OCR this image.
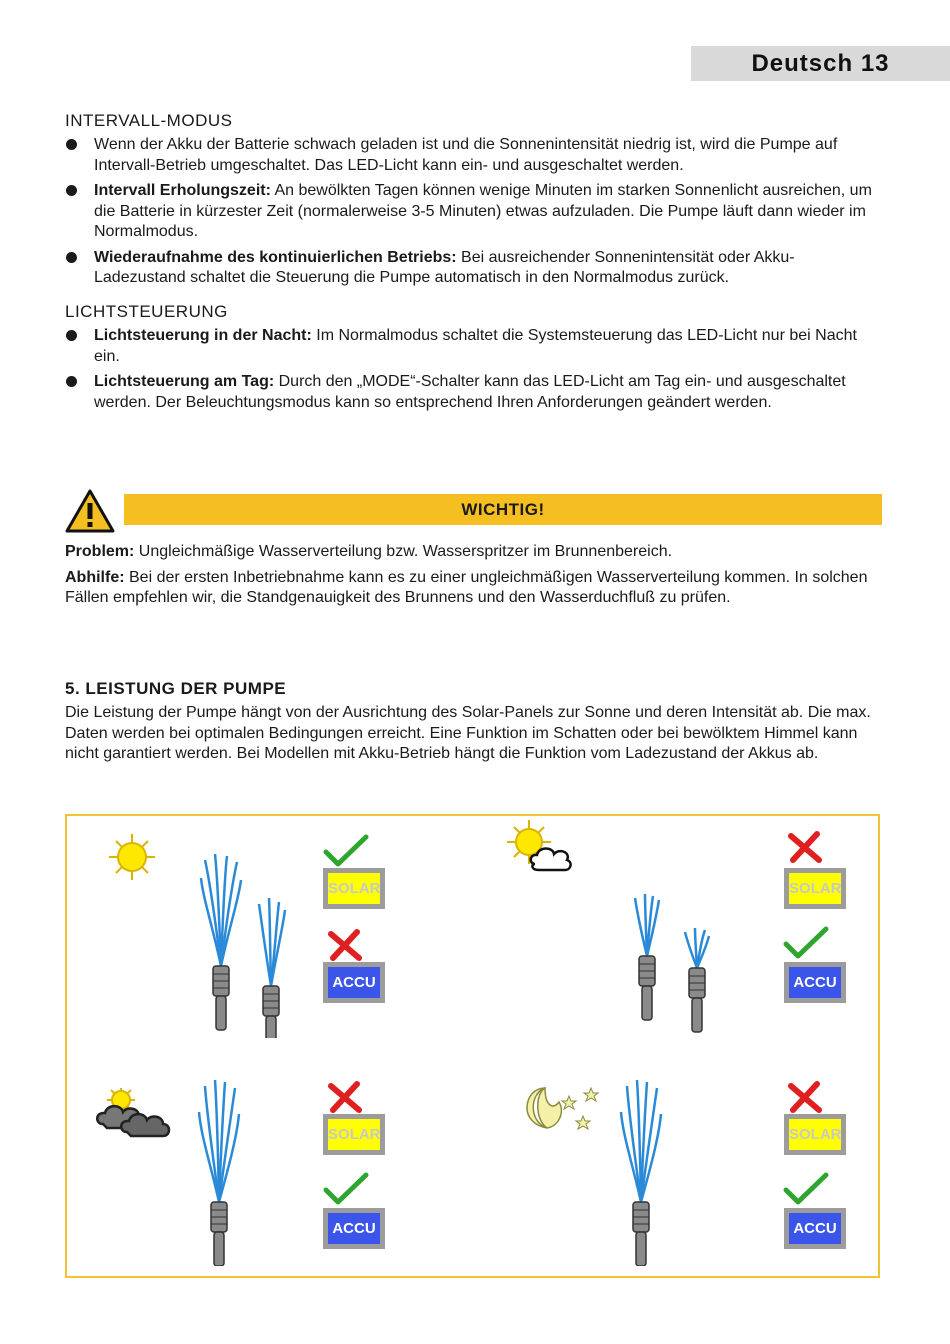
Deutsch 13
INTERVALL-MODUS
Wenn der Akku der Batterie schwach geladen ist und die Sonnenintensität niedrig ist, wird die Pumpe auf Intervall-Betrieb umgeschaltet. Das LED-Licht kann ein- und ausgeschaltet werden.
Intervall Erholungszeit: An bewölkten Tagen können wenige Minuten im starken Sonnenlicht ausreichen, um die Batterie in kürzester Zeit (normalerweise 3-5 Minuten) etwas aufzuladen. Die Pumpe läuft dann wieder im Normalmodus.
Wiederaufnahme des kontinuierlichen Betriebs: Bei ausreichender Sonnenintensität oder Akku-Ladezustand schaltet die Steuerung die Pumpe automatisch in den Normalmodus zurück.
LICHTSTEUERUNG
Lichtsteuerung in der Nacht: Im Normalmodus schaltet die Systemsteuerung das LED-Licht nur bei Nacht ein.
Lichtsteuerung am Tag: Durch den „MODE“-Schalter kann das LED-Licht am Tag ein- und ausgeschaltet werden. Der Beleuchtungsmodus kann so entsprechend Ihren Anforderungen geändert werden.
WICHTIG!

Problem: Ungleichmäßige Wasserverteilung bzw. Wasserspritzer im Brunnenbereich.

Abhilfe: Bei der ersten Inbetriebnahme kann es zu einer ungleichmäßigen Wasserverteilung kommen. In solchen Fällen empfehlen wir, die Standgenauigkeit des Brunnens und den Wasserduchfluß zu prüfen.

5. LEISTUNG DER PUMPE

Die Leistung der Pumpe hängt von der Ausrichtung des Solar-Panels zur Sonne und deren Intensität ab. Die max. Daten werden bei optimalen Bedingungen erreicht. Eine Funktion im Schatten oder bei bewölktem Himmel kann nicht garantiert werden. Bei Modellen mit Akku-Betrieb hängt die Funktion vom Ladezustand der Akkus ab.

SOLAR
ACCU
SOLAR
ACCU
SOLAR
ACCU
SOLAR
ACCU
